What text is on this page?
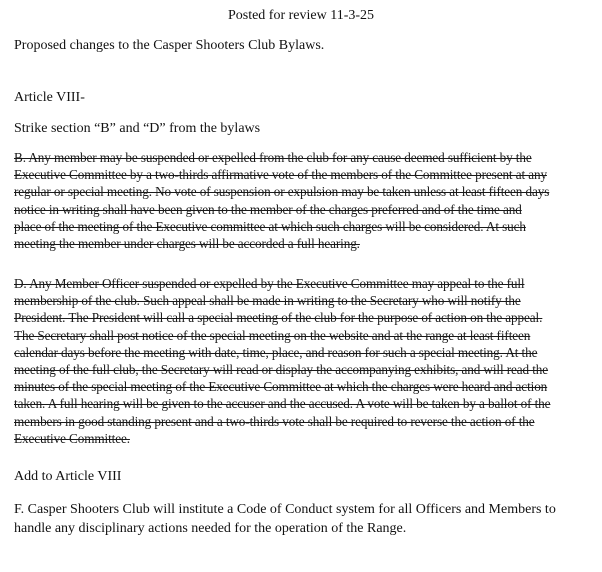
Posted for review 11-3-25
Proposed changes to the Casper Shooters Club Bylaws.
Article VIII-
Strike section “B” and “D” from the bylaws
B. Any member may be suspended or expelled from the club for any cause deemed sufficient by the
Executive Committee by a two-thirds affirmative vote of the members of the Committee present at any
regular or special meeting. No vote of suspension or expulsion may be taken unless at least fifteen days
notice in writing shall have been given to the member of the charges preferred and of the time and
place of the meeting of the Executive committee at which such charges will be considered. At such
meeting the member under charges will be accorded a full hearing.
D. Any Member Officer suspended or expelled by the Executive Committee may appeal to the full
membership of the club. Such appeal shall be made in writing to the Secretary who will notify the
President. The President will call a special meeting of the club for the purpose of action on the appeal.
The Secretary shall post notice of the special meeting on the website and at the range at least fifteen
calendar days before the meeting with date, time, place, and reason for such a special meeting. At the
meeting of the full club, the Secretary will read or display the accompanying exhibits, and will read the
minutes of the special meeting of the Executive Committee at which the charges were heard and action
taken. A full hearing will be given to the accuser and the accused. A vote will be taken by a ballot of the
members in good standing present and a two-thirds vote shall be required to reverse the action of the
Executive Committee.
Add to Article VIII
F. Casper Shooters Club will institute a Code of Conduct system for all Officers and Members to
handle any disciplinary actions needed for the operation of the Range.
